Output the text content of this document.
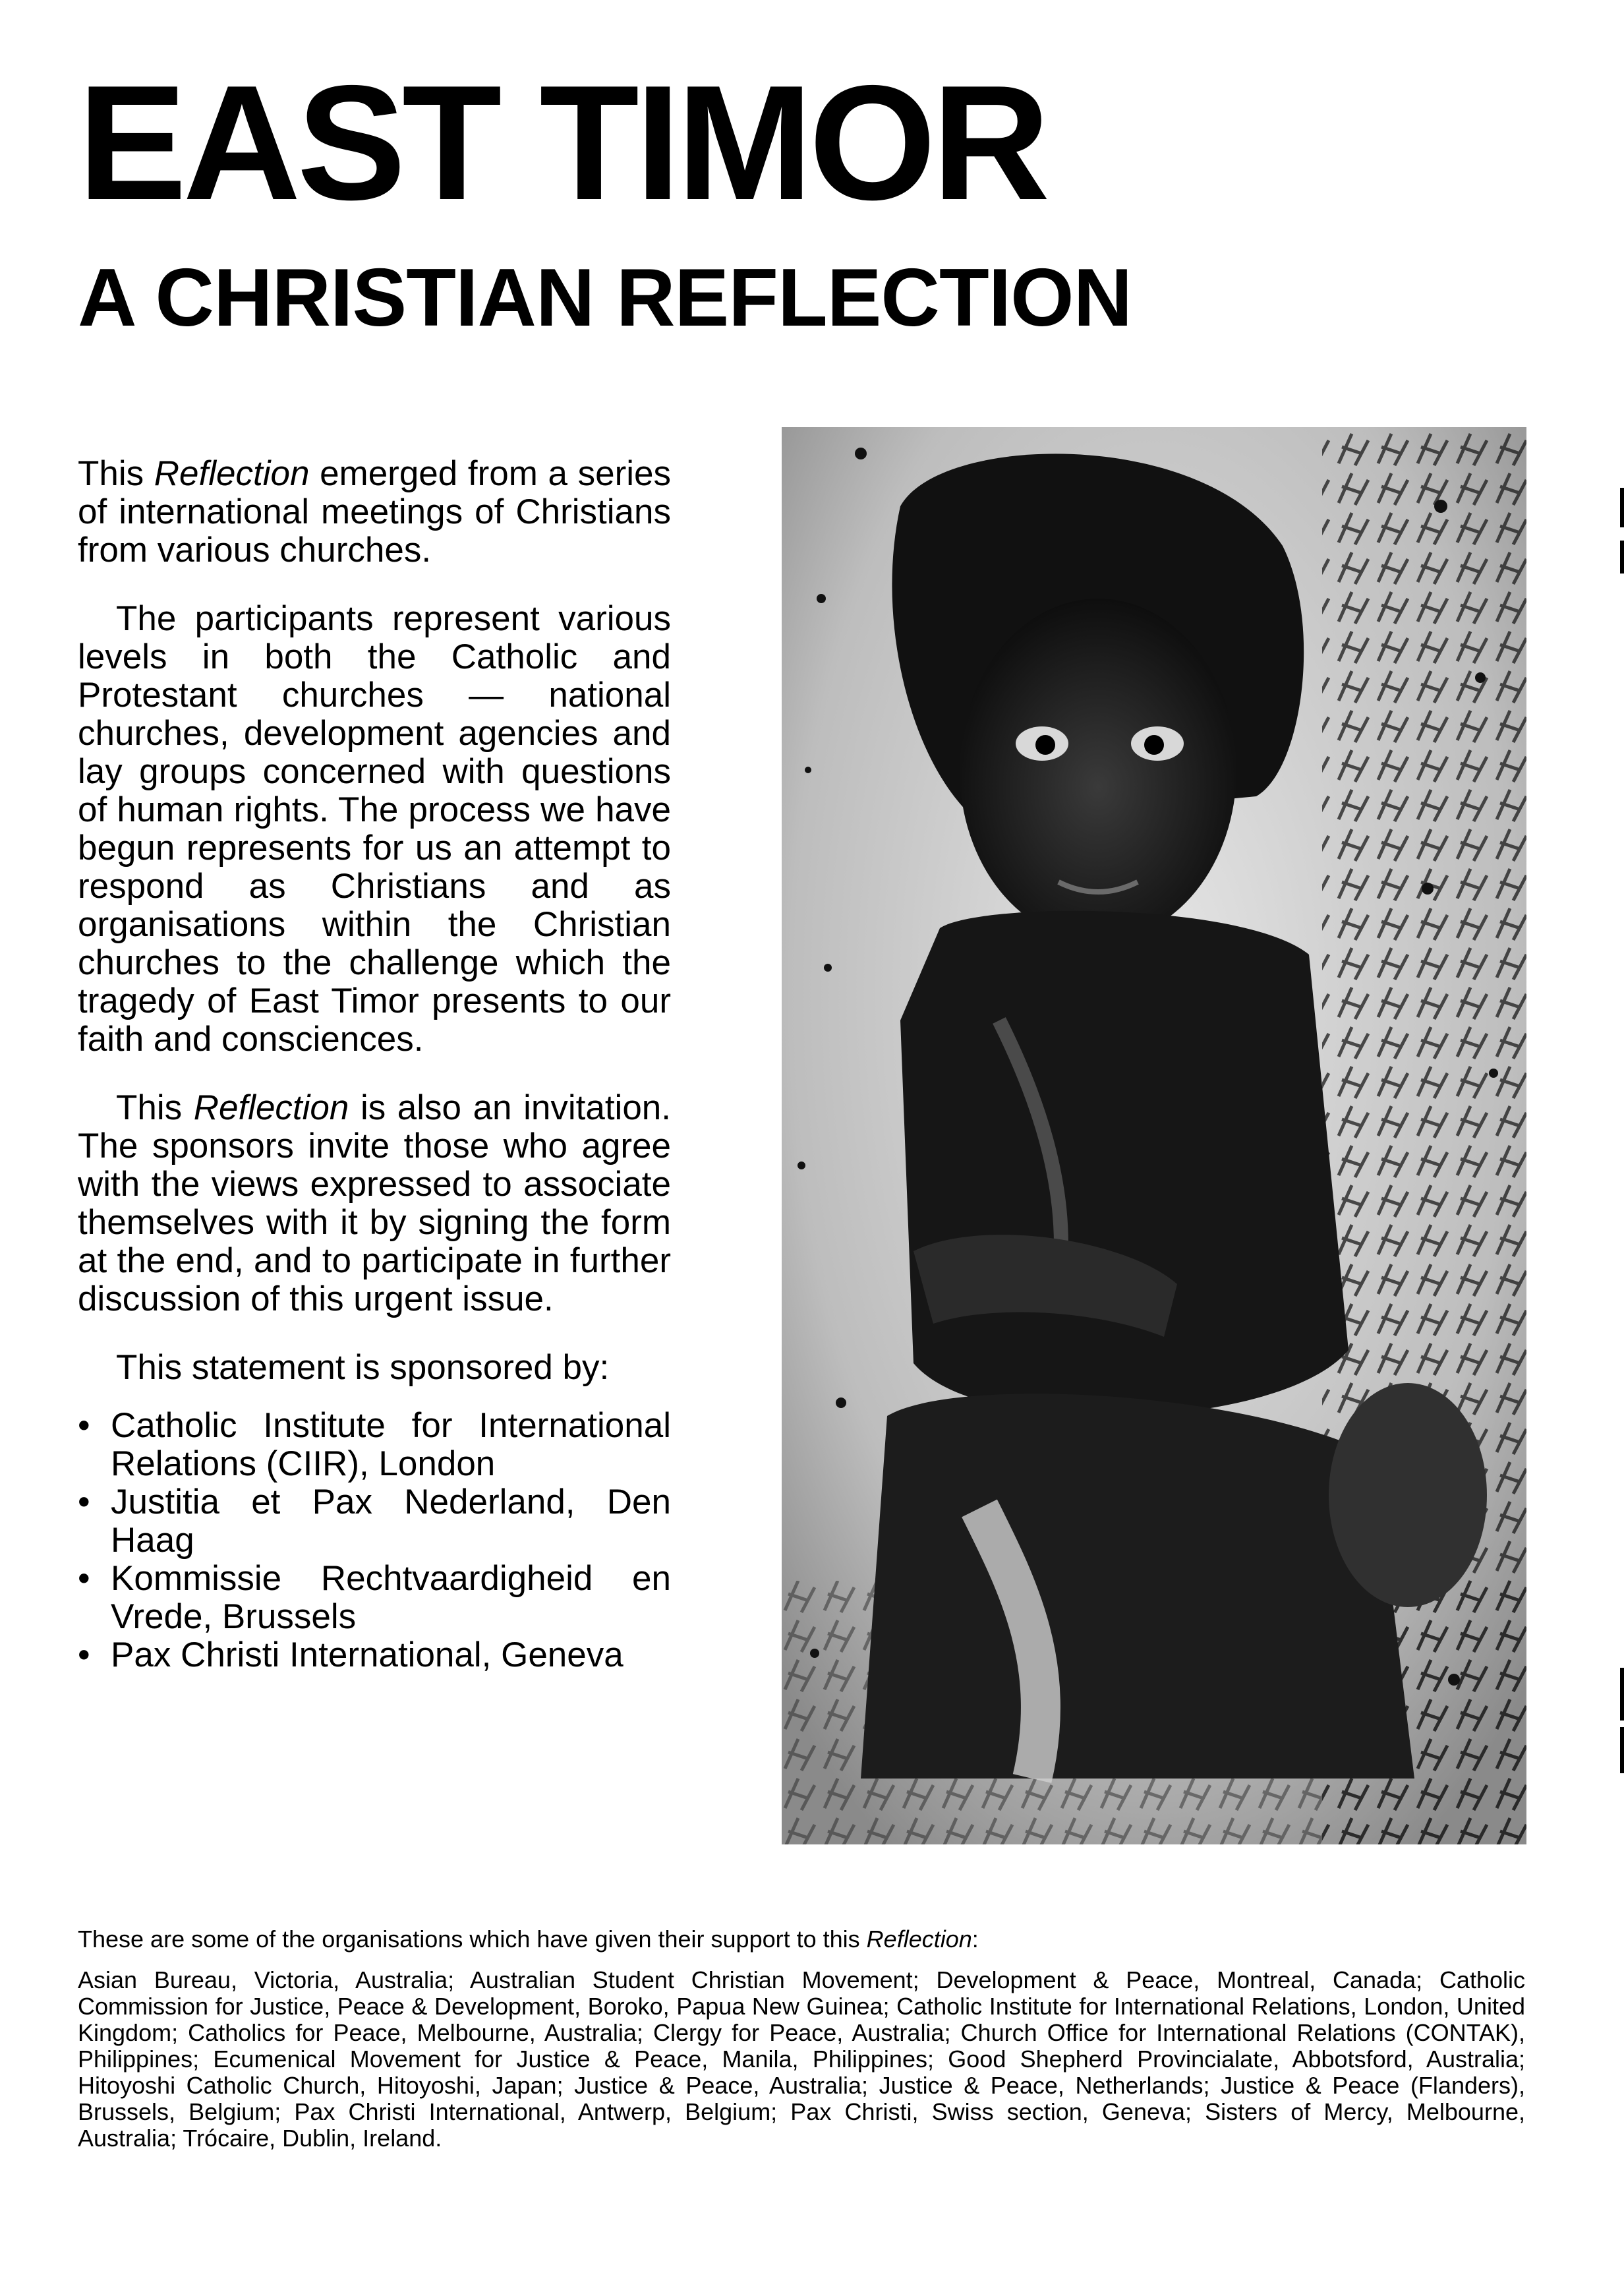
EAST TIMOR
A CHRISTIAN REFLECTION

This Reflection emerged from a series of international meetings of Christians from various churches.

The participants represent various levels in both the Catholic and Protestant churches — national churches, development agencies and lay groups concerned with questions of human rights. The process we have begun represents for us an attempt to respond as Christians and as organisations within the Christian churches to the challenge which the tragedy of East Timor presents to our faith and consciences.

This Reflection is also an invitation. The sponsors invite those who agree with the views expressed to associate themselves with it by signing the form at the end, and to participate in further discussion of this urgent issue.

This statement is sponsored by:

• Catholic Institute for International Relations (CIIR), London
• Justitia et Pax Nederland, Den Haag
• Kommissie Rechtvaardigheid en Vrede, Brussels
• Pax Christi International, Geneva

These are some of the organisations which have given their support to this Reflection:

Asian Bureau, Victoria, Australia; Australian Student Christian Movement; Development & Peace, Montreal, Canada; Catholic Commission for Justice, Peace & Development, Boroko, Papua New Guinea; Catholic Institute for International Relations, London, United Kingdom; Catholics for Peace, Melbourne, Australia; Clergy for Peace, Australia; Church Office for International Relations (CONTAK), Philippines; Ecumenical Movement for Justice & Peace, Manila, Philippines; Good Shepherd Provincialate, Abbotsford, Australia; Hitoyoshi Catholic Church, Hitoyoshi, Japan; Justice & Peace, Australia; Justice & Peace, Netherlands; Justice & Peace (Flanders), Brussels, Belgium; Pax Christi International, Antwerp, Belgium; Pax Christi, Swiss section, Geneva; Sisters of Mercy, Melbourne, Australia; Trócaire, Dublin, Ireland.
